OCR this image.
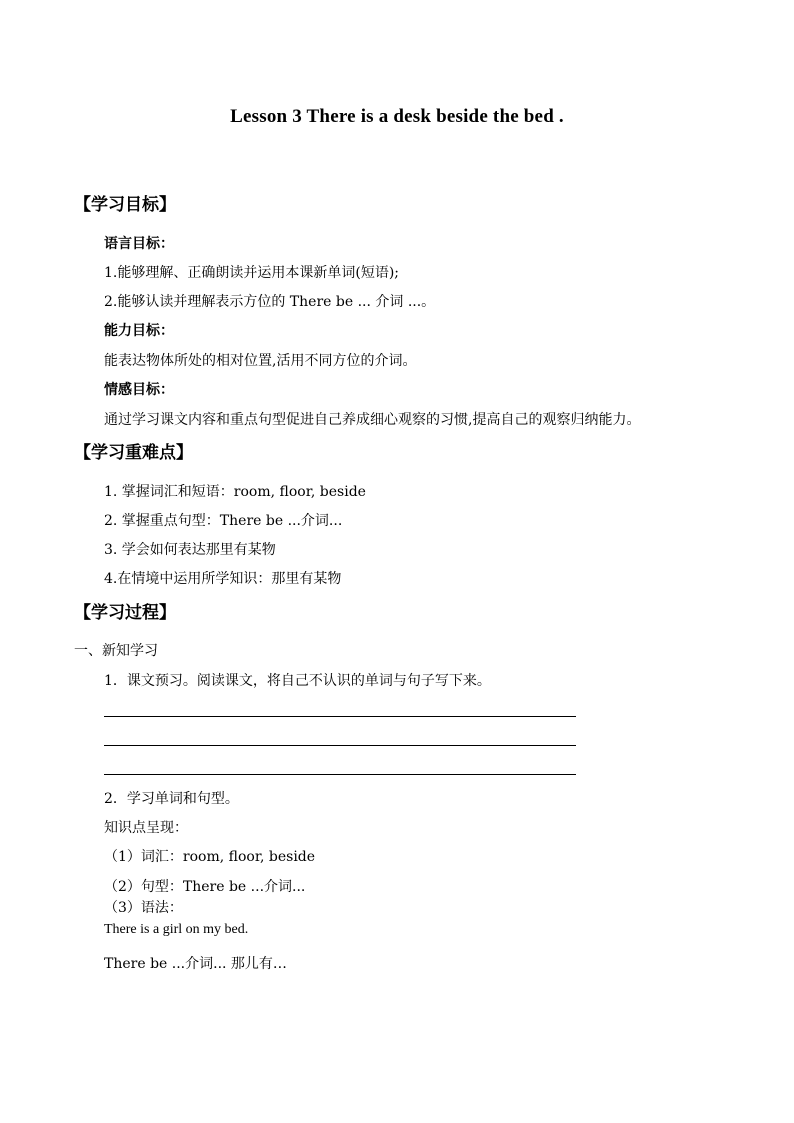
Lesson 3 There is a desk beside the bed .
【学习目标】
语言目标：
1.能够理解、正确朗读并运用本课新单词(短语);
2.能够认读并理解表示方位的 There be ... 介词 ...。
能力目标：
能表达物体所处的相对位置,活用不同方位的介词。
情感目标：
通过学习课文内容和重点句型促进自己养成细心观察的习惯,提高自己的观察归纳能力。
【学习重难点】
1. 掌握词汇和短语：room, floor, beside
2. 掌握重点句型：There be ...介词...
3. 学会如何表达那里有某物
4.在情境中运用所学知识：那里有某物
【学习过程】
一、新知学习
1．课文预习。阅读课文，将自己不认识的单词与句子写下来。
2．学习单词和句型。
知识点呈现：
（1）词汇：room, floor, beside
（2）句型：There be ...介词...
（3）语法：
There is a girl on my bed.
There be ...介词... 那儿有…
